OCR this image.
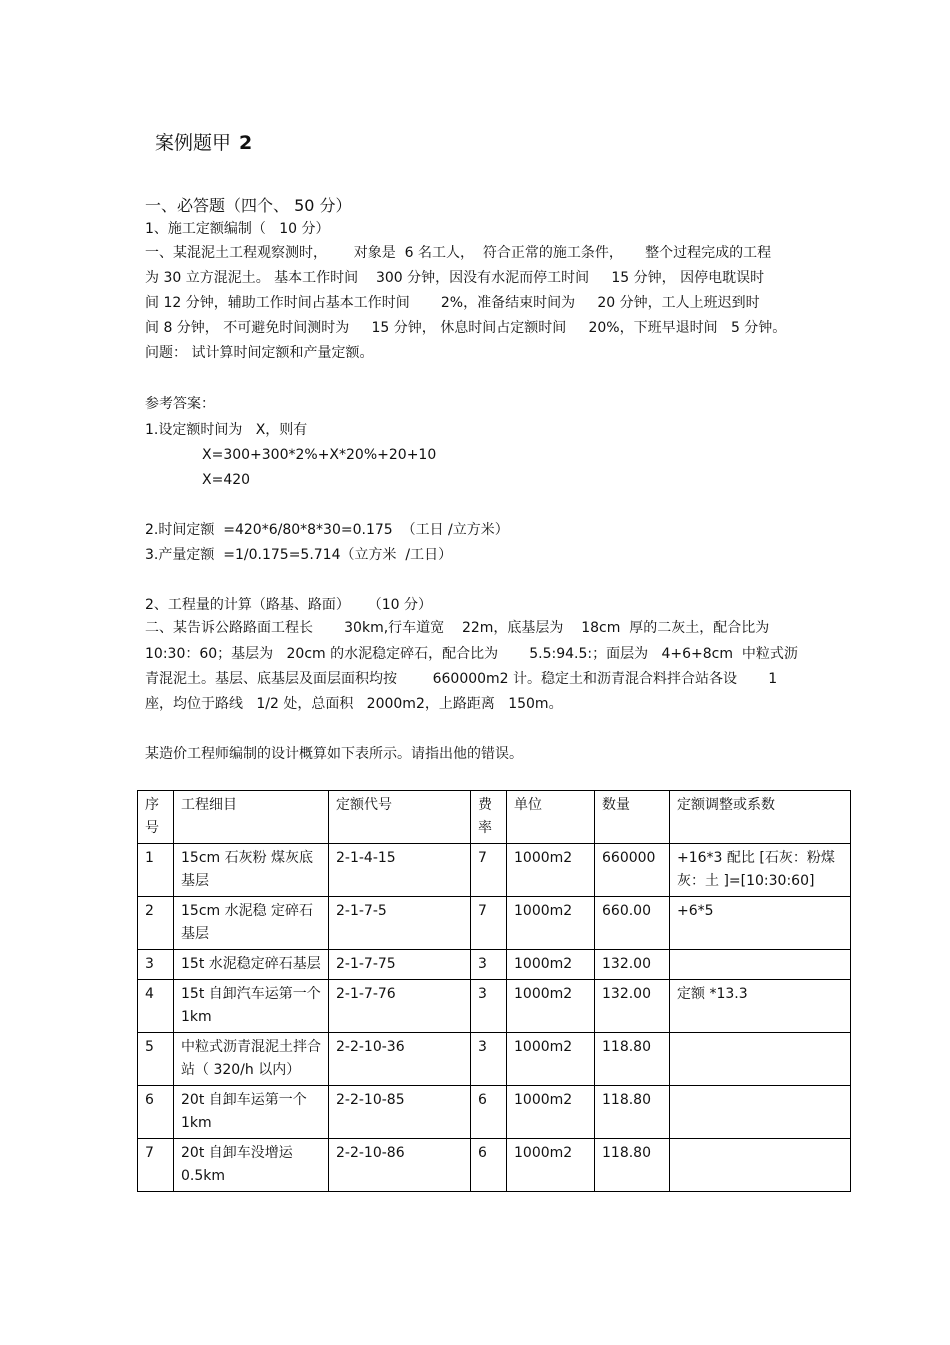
案例题甲 2
一、必答题（四个、 50 分）
1、施工定额编制（   10 分）
一、某混泥土工程观察测时，      对象是  6 名工人，  符合正常的施工条件，     整个过程完成的工程
为 30 立方混泥土。 基本工作时间    300 分钟，因没有水泥而停工时间     15 分钟， 因停电耽误时
间 12 分钟，辅助工作时间占基本工作时间       2%，准备结束时间为     20 分钟，工人上班迟到时
间 8 分钟， 不可避免时间测时为     15 分钟， 休息时间占定额时间     20%，下班早退时间   5 分钟。
问题： 试计算时间定额和产量定额。
参考答案：
1.设定额时间为   X，则有
X=300+300*2%+X*20%+20+10
X=420
2.时间定额  =420*6/80*8*30=0.175  （工日 /立方米）
3.产量定额  =1/0.175=5.714（立方米  /工日）
2、工程量的计算（路基、路面）    （10 分）
二、某告诉公路路面工程长       30km,行车道宽    22m，底基层为    18cm  厚的二灰土，配合比为
10:30：60；基层为   20cm 的水泥稳定碎石，配合比为       5.5:94.5:；面层为   4+6+8cm  中粒式沥
青混泥土。基层、底基层及面层面积均按        660000m2 计。稳定土和沥青混合料拌合站各设       1
座，均位于路线   1/2 处，总面积   2000m2，上路距离   150m。
某造价工程师编制的设计概算如下表所示。请指出他的错误。
序号	工程细目	定额代号	费率	单位	数量	定额调整或系数
1	15cm 石灰粉 煤灰底基层	2-1-4-15	7	1000m2	660000	+16*3 配比 [石灰：粉煤灰：土 ]=[10:30:60]
2	15cm 水泥稳 定碎石基层	2-1-7-5	7	1000m2	660.00	+6*5
3	15t 水泥稳定碎石基层	2-1-7-75	3	1000m2	132.00	
4	15t 自卸汽车运第一个 1km	2-1-7-76	3	1000m2	132.00	定额 *13.3
5	中粒式沥青混泥土拌合站（ 320/h 以内）	2-2-10-36	3	1000m2	118.80	
6	20t 自卸车运第一个 1km	2-2-10-85	6	1000m2	118.80	
7	20t 自卸车没增运0.5km	2-2-10-86	6	1000m2	118.80	
